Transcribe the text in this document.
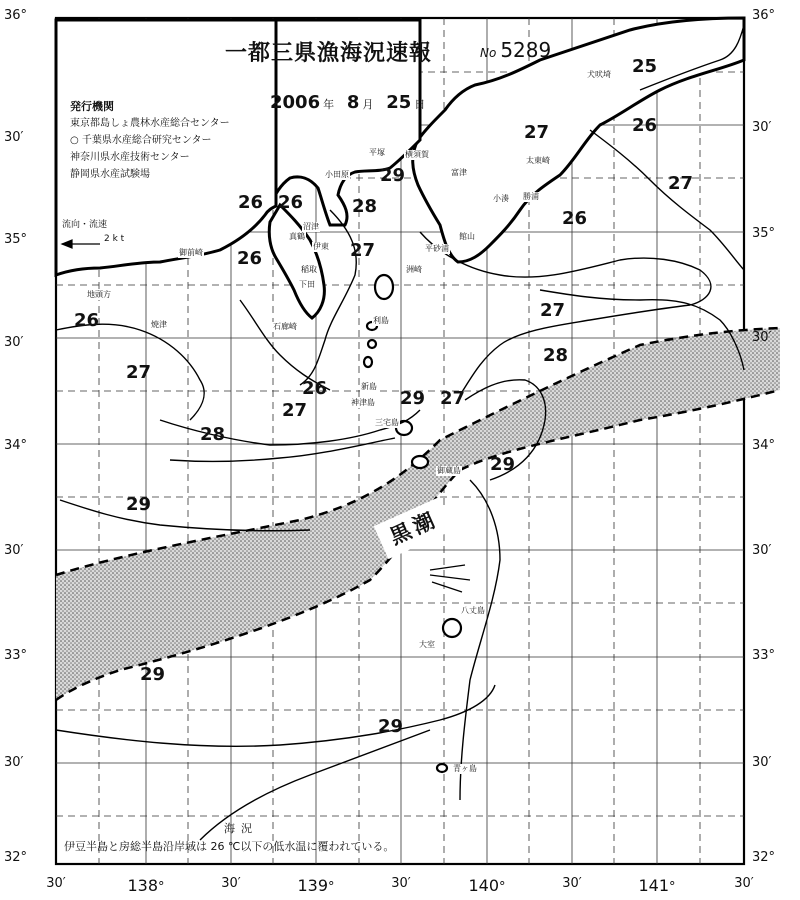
36°
30′
35°
30′
34°
30′
33°
30′
32°
36°
30′
35°
30′
34°
30′
33°
30′
32°
30′	138°	30′	139°	30′	140°	30′	141°	30′
一都三県漁海況速報	No 5289
2006 年 8 月 25 日
発行機関
東京都島しょ農林水産総合センター
○ 千葉県水産総合研究センター
神奈川県水産技術センター
静岡県水産試験場
流向・流速
2 k t
黒潮
25
26
26 26
26
27
27
26	27
29
28
27
26
28
29
27
28
29
26
27
27
29
29
29
犬吠埼
太東崎
小湊 勝浦
平砂浦
洲崎
館山
富津
横須賀
平塚
小田原
真鶴
伊東
稲取
下田
御前崎
焼津
地頭方
石廊崎
利島
新島
神津島
三宅島
御蔵島
八丈島
青ヶ島
大室
沼津
海況
伊豆半島と房総半島沿岸域は 26 ℃以下の低水温に覆われている。
